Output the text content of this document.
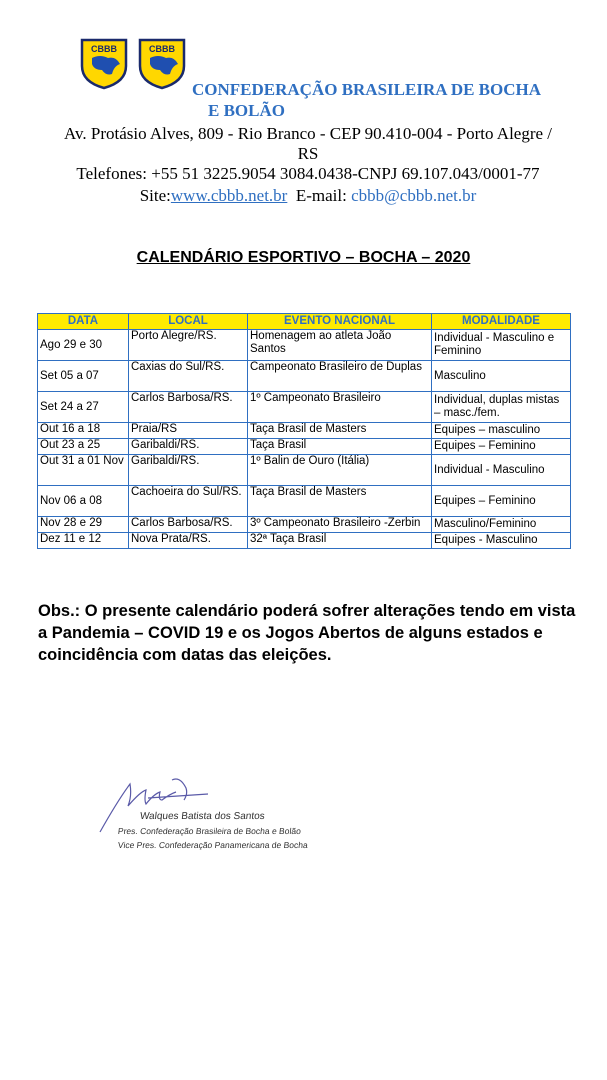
CBBB	CBBB
CONFEDERAÇÃO BRASILEIRA DE BOCHA
E BOLÃO
Av. Protásio Alves, 809 - Rio Branco - CEP 90.410-004 - Porto Alegre /
RS
Telefones: +55 51 3225.9054 3084.0438-CNPJ 69.107.043/0001-77
Site:www.cbbb.net.br E-mail: cbbb@cbbb.net.br
CALENDÁRIO ESPORTIVO – BOCHA – 2020
DATA	LOCAL	EVENTO NACIONAL	MODALIDADE
Ago 29 e 30	Porto Alegre/RS.	Homenagem ao atleta João Santos	Individual - Masculino e Feminino
Set 05 a 07	Caxias do Sul/RS.	Campeonato Brasileiro de Duplas	Masculino
Set 24 a 27	Carlos Barbosa/RS.	1º Campeonato Brasileiro	Individual, duplas mistas – masc./fem.
Out 16 a 18	Praia/RS	Taça Brasil de Masters	Equipes – masculino
Out 23 a 25	Garibaldi/RS.	Taça Brasil	Equipes – Feminino
Out 31 a 01 Nov	Garibaldi/RS.	1º Balin de Ouro (Itália)	Individual - Masculino
Nov 06 a 08	Cachoeira do Sul/RS.	Taça Brasil de Masters	Equipes – Feminino
Nov 28 e 29	Carlos Barbosa/RS.	3º Campeonato Brasileiro -Zerbin	Masculino/Feminino
Dez 11 e 12	Nova Prata/RS.	32ª Taça Brasil	Equipes - Masculino
Obs.: O presente calendário poderá sofrer alterações tendo em vista a Pandemia – COVID 19 e os Jogos Abertos de alguns estados e coincidência com datas das eleições.
Walques Batista dos Santos
Pres. Confederação Brasileira de Bocha e Bolão
Vice Pres. Confederação Panamericana de Bocha
